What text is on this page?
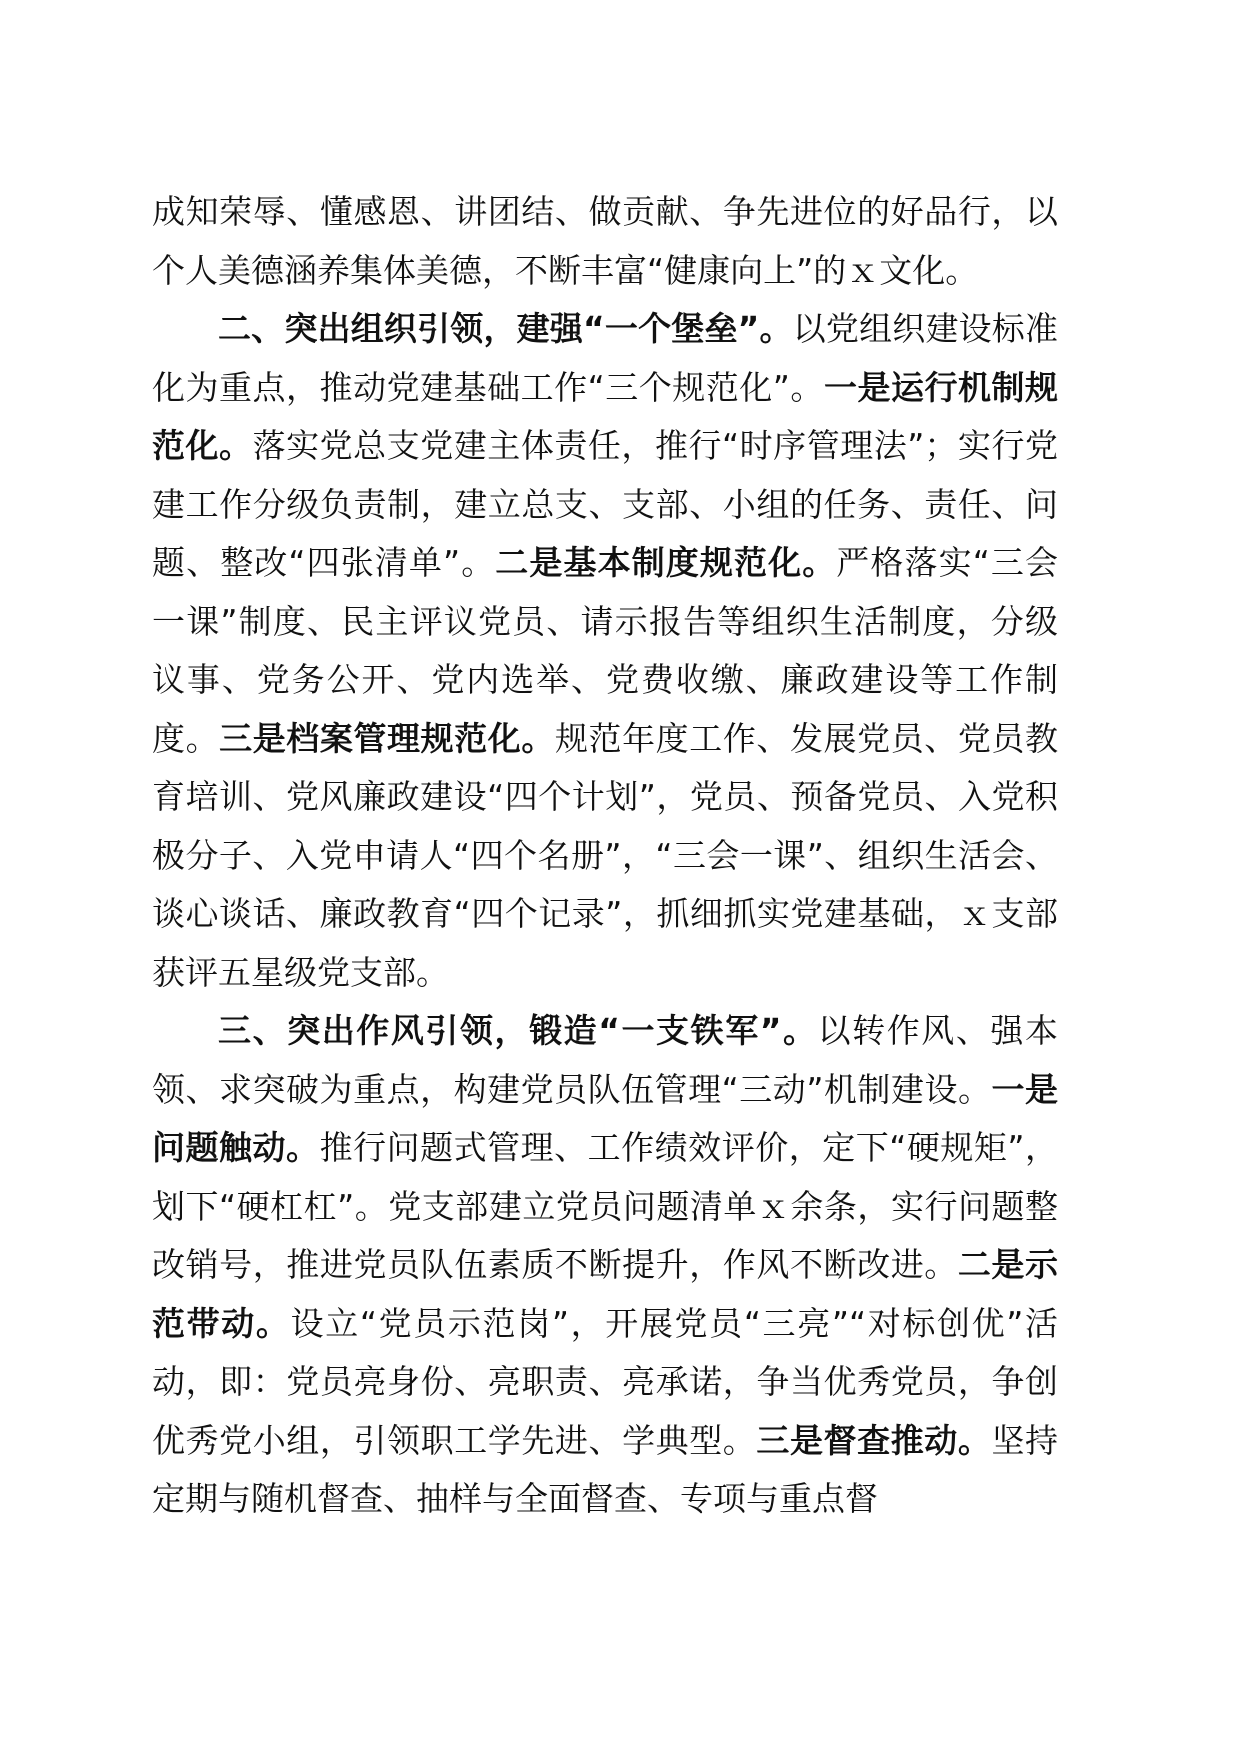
成知荣辱、懂感恩、讲团结、做贡献、争先进位的好品行，以个人美德涵养集体美德，不断丰富“健康向上”的ｘ文化。

二、突出组织引领，建强“一个堡垒”。以党组织建设标准化为重点，推动党建基础工作“三个规范化”。一是运行机制规范化。落实党总支党建主体责任，推行“时序管理法”；实行党建工作分级负责制，建立总支、支部、小组的任务、责任、问题、整改“四张清单”。二是基本制度规范化。严格落实“三会一课”制度、民主评议党员、请示报告等组织生活制度，分级议事、党务公开、党内选举、党费收缴、廉政建设等工作制度。三是档案管理规范化。规范年度工作、发展党员、党员教育培训、党风廉政建设“四个计划”，党员、预备党员、入党积极分子、入党申请人“四个名册”，“三会一课”、组织生活会、谈心谈话、廉政教育“四个记录”，抓细抓实党建基础，ｘ支部获评五星级党支部。

三、突出作风引领，锻造“一支铁军”。以转作风、强本领、求突破为重点，构建党员队伍管理“三动”机制建设。一是问题触动。推行问题式管理、工作绩效评价，定下“硬规矩”，划下“硬杠杠”。党支部建立党员问题清单ｘ余条，实行问题整改销号，推进党员队伍素质不断提升，作风不断改进。二是示范带动。设立“党员示范岗”，开展党员“三亮”“对标创优”活动，即：党员亮身份、亮职责、亮承诺，争当优秀党员，争创优秀党小组，引领职工学先进、学典型。三是督查推动。坚持定期与随机督查、抽样与全面督查、专项与重点督
